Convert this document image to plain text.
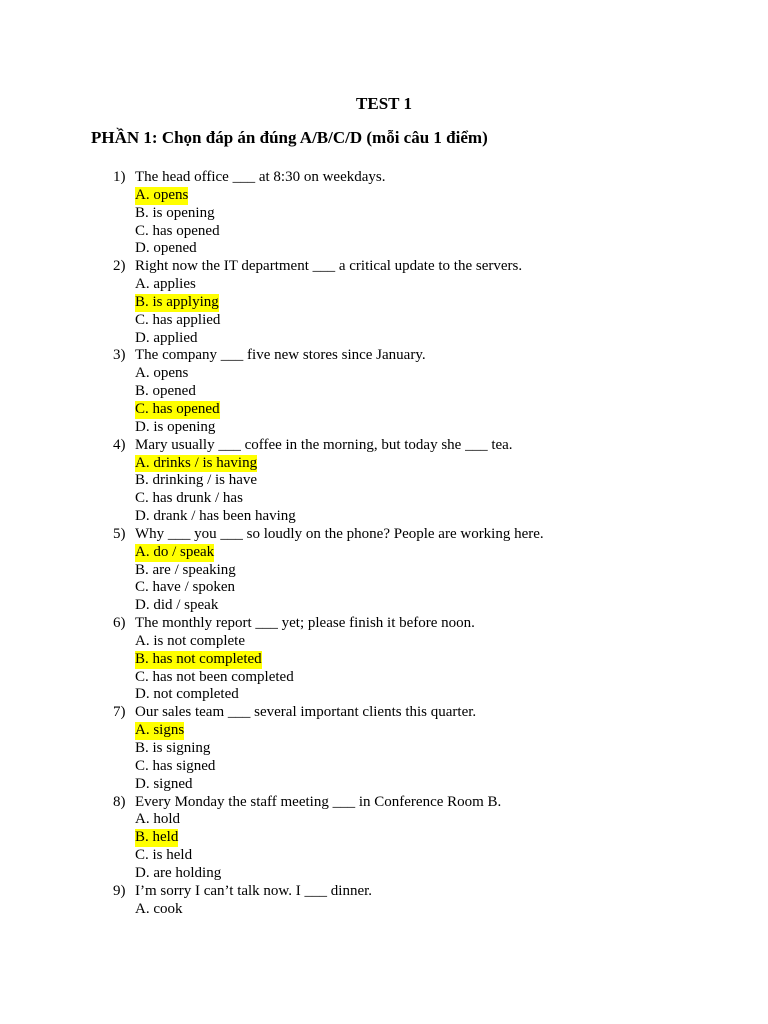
TEST 1
PHẦN 1: Chọn đáp án đúng A/B/C/D (mỗi câu 1 điểm)
1) The head office ___ at 8:30 on weekdays.
A. opens
B. is opening
C. has opened
D. opened
2) Right now the IT department ___ a critical update to the servers.
A. applies
B. is applying
C. has applied
D. applied
3) The company ___ five new stores since January.
A. opens
B. opened
C. has opened
D. is opening
4) Mary usually ___ coffee in the morning, but today she ___ tea.
A. drinks / is having
B. drinking / is have
C. has drunk / has
D. drank / has been having
5) Why ___ you ___ so loudly on the phone? People are working here.
A. do / speak
B. are / speaking
C. have / spoken
D. did / speak
6) The monthly report ___ yet; please finish it before noon.
A. is not complete
B. has not completed
C. has not been completed
D. not completed
7) Our sales team ___ several important clients this quarter.
A. signs
B. is signing
C. has signed
D. signed
8) Every Monday the staff meeting ___ in Conference Room B.
A. hold
B. held
C. is held
D. are holding
9) I’m sorry I can’t talk now. I ___ dinner.
A. cook
